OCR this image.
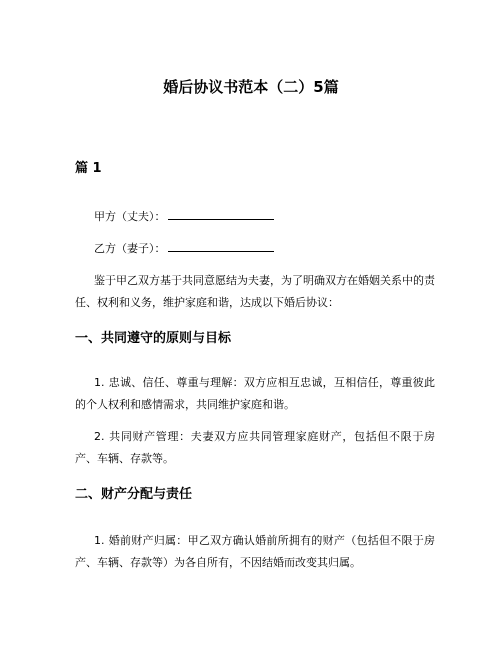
婚后协议书范本（二）5篇
篇 1
甲方（丈夫）：
乙方（妻子）：
鉴于甲乙双方基于共同意愿结为夫妻，为了明确双方在婚姻关系中的责任、权利和义务，维护家庭和谐，达成以下婚后协议：
一、共同遵守的原则与目标
1. 忠诚、信任、尊重与理解：双方应相互忠诚，互相信任，尊重彼此的个人权利和感情需求，共同维护家庭和谐。
2. 共同财产管理：夫妻双方应共同管理家庭财产，包括但不限于房产、车辆、存款等。
二、财产分配与责任
1. 婚前财产归属：甲乙双方确认婚前所拥有的财产（包括但不限于房产、车辆、存款等）为各自所有，不因结婚而改变其归属。
